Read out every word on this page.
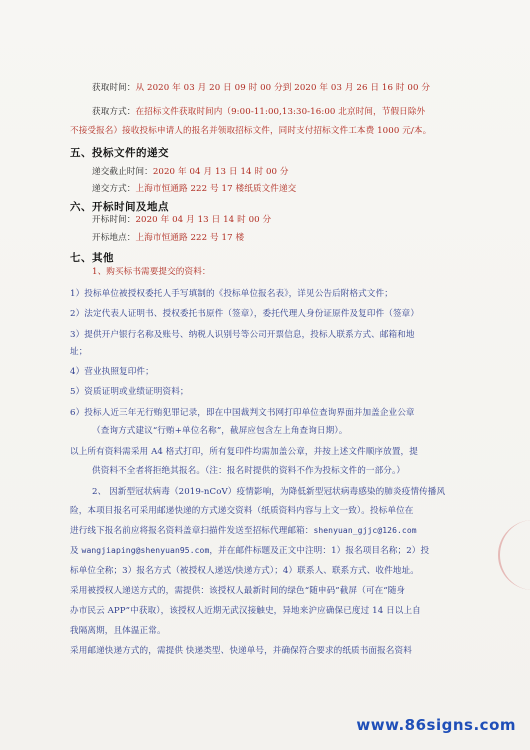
获取时间：从 2020 年 03 月 20 日 09 时 00 分到 2020 年 03 月 26 日 16 时 00 分
获取方式：在招标文件获取时间内（9:00-11:00,13:30-16:00 北京时间，节假日除外
不接受报名）接收投标申请人的报名并领取招标文件，同时支付招标文件工本费 1000 元/本。
五、投标文件的递交
递交截止时间：2020 年 04 月 13 日 14 时 00 分
递交方式：上海市恒通路 222 号 17 楼纸质文件递交
六、开标时间及地点
开标时间：2020 年 04 月 13 日 14 时 00 分
开标地点：上海市恒通路 222 号 17 楼
七、其他
1、购买标书需要提交的资料：
1）投标单位被授权委托人手写填制的《投标单位报名表》，详见公告后附格式文件；
2）法定代表人证明书、授权委托书原件（签章），委托代理人身份证原件及复印件（签章）
3）提供开户银行名称及账号、纳税人识别号等公司开票信息，投标人联系方式、邮箱和地
址；
4）营业执照复印件；
5）资质证明或业绩证明资料；
6）投标人近三年无行贿犯罪记录，即在中国裁判文书网打印单位查询界面并加盖企业公章
（查询方式建议“行贿+单位名称”，截屏应包含左上角查询日期）。
以上所有资料需采用 A4 格式打印，所有复印件均需加盖公章，并按上述文件顺序放置，提
供资料不全者将拒绝其报名。（注：报名时提供的资料不作为投标文件的一部分。）
2、 因新型冠状病毒（2019-nCoV）疫情影响，为降低新型冠状病毒感染的肺炎疫情传播风
险，本项目报名可采用邮递快递的方式递交资料（纸质资料内容与上文一致）。投标单位在
进行线下报名前应将报名资料盖章扫描件发送至招标代理邮箱：shenyuan_gjjc@126.com
及 wangjiaping@shenyuan95.com，并在邮件标题及正文中注明：1）报名项目名称；2）投
标单位全称；3）报名方式（被授权人递送/快递方式）；4）联系人、联系方式、收件地址。
采用被授权人递送方式的，需提供：该授权人最新时间的绿色“随申码”截屏（可在“随身
办市民云 APP”中获取），该授权人近期无武汉接触史，异地来沪应确保已度过 14 日以上自
我隔离期，且体温正常。
采用邮递快递方式的，需提供 快递类型、快递单号，并确保符合要求的纸质书面报名资料
www.86signs.com
